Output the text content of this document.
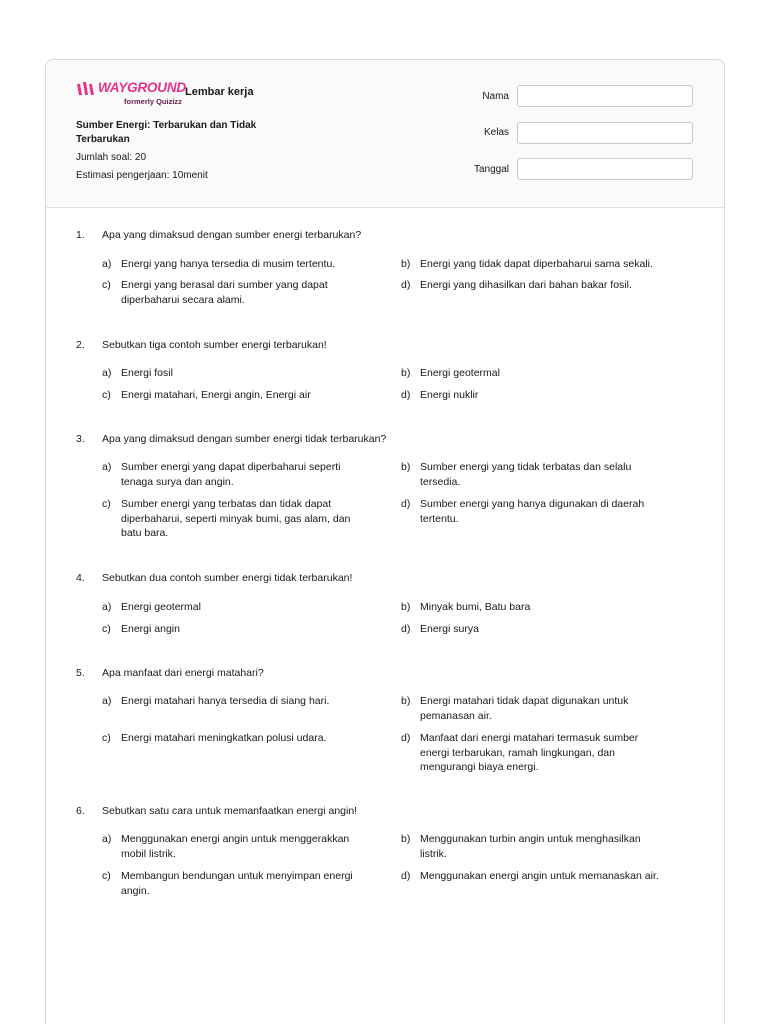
WAYGROUND
formerly Quizizz
Lembar kerja
Sumber Energi: Terbarukan dan Tidak Terbarukan
Jumlah soal: 20
Estimasi pengerjaan: 10menit
Nama
Kelas
Tanggal
1. Apa yang dimaksud dengan sumber energi terbarukan?
a) Energi yang hanya tersedia di musim tertentu.	b) Energi yang tidak dapat diperbaharui sama sekali.
c) Energi yang berasal dari sumber yang dapat diperbaharui secara alami.
d) Energi yang dihasilkan dari bahan bakar fosil.
2. Sebutkan tiga contoh sumber energi terbarukan!
a) Energi fosil	b) Energi geotermal
c) Energi matahari, Energi angin, Energi air	d) Energi nuklir
3. Apa yang dimaksud dengan sumber energi tidak terbarukan?
a) Sumber energi yang dapat diperbaharui seperti tenaga surya dan angin.
b) Sumber energi yang tidak terbatas dan selalu tersedia.
c) Sumber energi yang terbatas dan tidak dapat diperbaharui, seperti minyak bumi, gas alam, dan batu bara.
d) Sumber energi yang hanya digunakan di daerah tertentu.
4. Sebutkan dua contoh sumber energi tidak terbarukan!
a) Energi geotermal	b) Minyak bumi, Batu bara
c) Energi angin	d) Energi surya
5. Apa manfaat dari energi matahari?
a) Energi matahari hanya tersedia di siang hari.	b) Energi matahari tidak dapat digunakan untuk pemanasan air.
c) Energi matahari meningkatkan polusi udara.	d) Manfaat dari energi matahari termasuk sumber energi terbarukan, ramah lingkungan, dan mengurangi biaya energi.
6. Sebutkan satu cara untuk memanfaatkan energi angin!
a) Menggunakan energi angin untuk menggerakkan mobil listrik.
b) Menggunakan turbin angin untuk menghasilkan listrik.
c) Membangun bendungan untuk menyimpan energi angin.
d) Menggunakan energi angin untuk memanaskan air.
